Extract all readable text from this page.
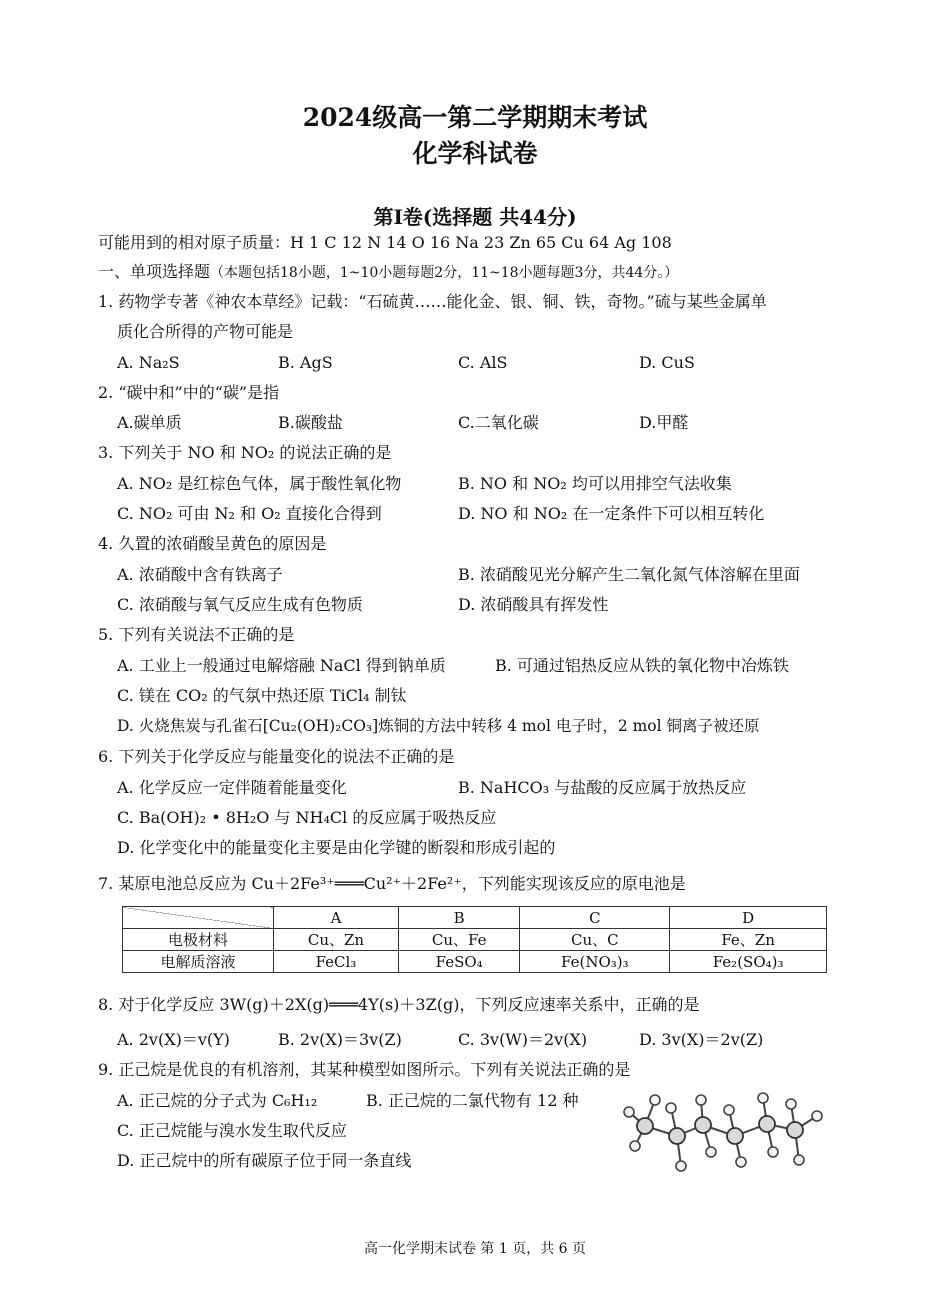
2024级高一第二学期期末考试
化学科试卷
第Ⅰ卷(选择题 共44分)
可能用到的相对原子质量：H 1 C 12 N 14 O 16 Na 23 Zn 65 Cu 64 Ag 108
一、单项选择题（本题包括18小题，1~10小题每题2分，11~18小题每题3分，共44分。）
1. 药物学专著《神农本草经》记载：“石硫黄……能化金、银、铜、铁，奇物。”硫与某些金属单
质化合所得的产物可能是
A. Na₂S	B. AgS	C. AlS	D. CuS
2. “碳中和”中的“碳”是指
A.碳单质	B.碳酸盐	C.二氧化碳	D.甲醛
3. 下列关于 NO 和 NO₂ 的说法正确的是
A. NO₂ 是红棕色气体，属于酸性氧化物	B. NO 和 NO₂ 均可以用排空气法收集
C. NO₂ 可由 N₂ 和 O₂ 直接化合得到	D. NO 和 NO₂ 在一定条件下可以相互转化
4. 久置的浓硝酸呈黄色的原因是
A. 浓硝酸中含有铁离子	B. 浓硝酸见光分解产生二氧化氮气体溶解在里面
C. 浓硝酸与氧气反应生成有色物质	D. 浓硝酸具有挥发性
5. 下列有关说法不正确的是
A. 工业上一般通过电解熔融 NaCl 得到钠单质	B. 可通过铝热反应从铁的氧化物中冶炼铁
C. 镁在 CO₂ 的气氛中热还原 TiCl₄ 制钛
D. 火烧焦炭与孔雀石[Cu₂(OH)₂CO₃]炼铜的方法中转移 4 mol 电子时，2 mol 铜离子被还原
6. 下列关于化学反应与能量变化的说法不正确的是
A. 化学反应一定伴随着能量变化	B. NaHCO₃ 与盐酸的反应属于放热反应
C. Ba(OH)₂ • 8H₂O 与 NH₄Cl 的反应属于吸热反应
D. 化学变化中的能量变化主要是由化学键的断裂和形成引起的
7. 某原电池总反应为 Cu＋2Fe³⁺═══Cu²⁺＋2Fe²⁺，下列能实现该反应的原电池是
	A	B	C	D
电极材料	Cu、Zn	Cu、Fe	Cu、C	Fe、Zn
电解质溶液	FeCl₃	FeSO₄	Fe(NO₃)₃	Fe₂(SO₄)₃
8. 对于化学反应 3W(g)＋2X(g)═══4Y(s)＋3Z(g)，下列反应速率关系中，正确的是
A. 2v(X)＝v(Y)	B. 2v(X)＝3v(Z)	C. 3v(W)＝2v(X)	D. 3v(X)＝2v(Z)
9. 正己烷是优良的有机溶剂，其某种模型如图所示。下列有关说法正确的是
A. 正己烷的分子式为 C₆H₁₂	B. 正己烷的二氯代物有 12 种
C. 正己烷能与溴水发生取代反应
D. 正己烷中的所有碳原子位于同一条直线
高一化学期末试卷 第 1 页，共 6 页
